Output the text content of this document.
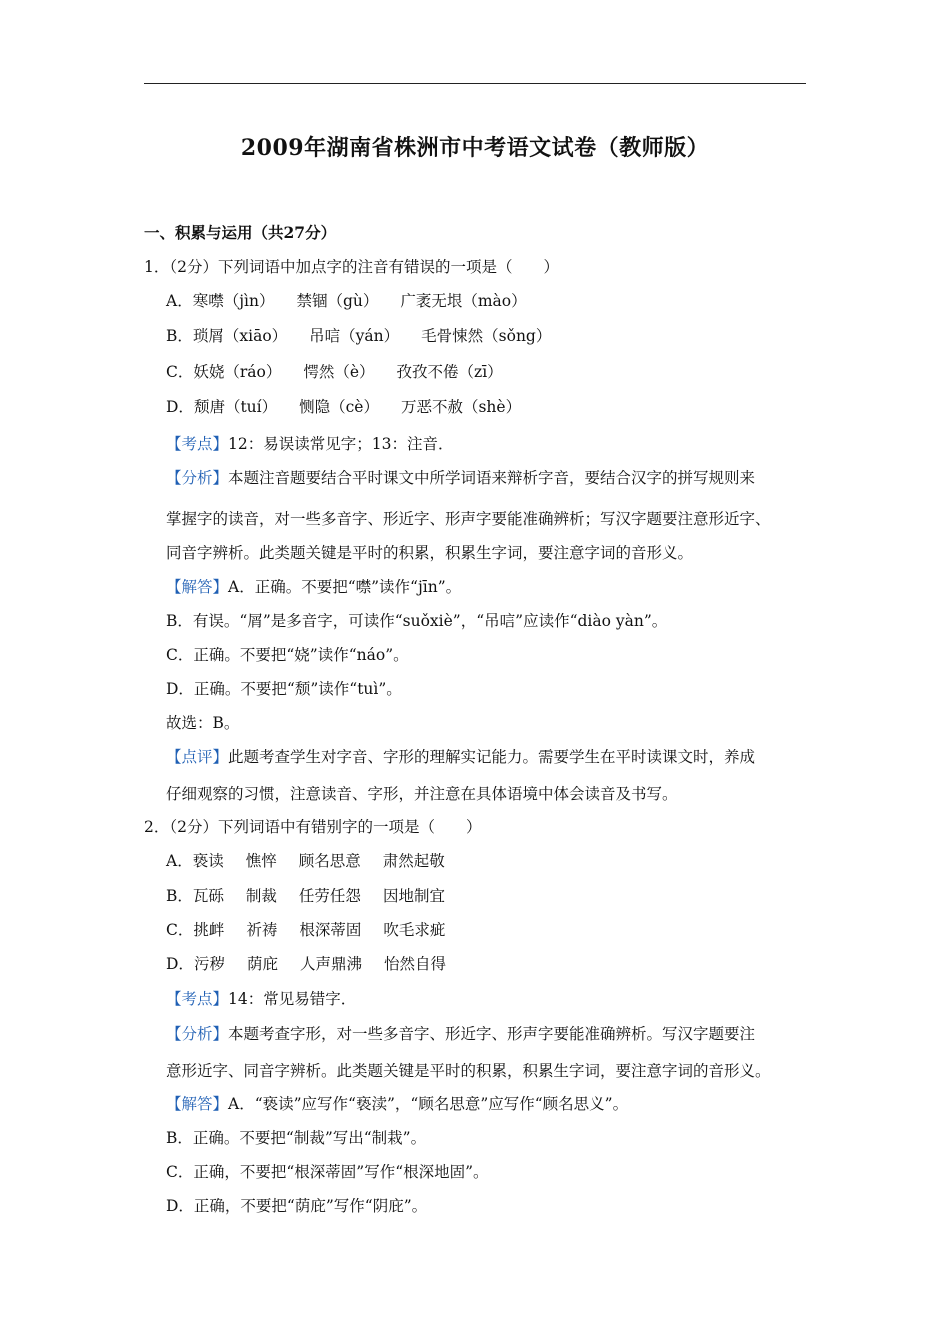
2009年湖南省株洲市中考语文试卷（教师版）
一、积累与运用（共27分）
1．（2分）下列词语中加点字的注音有错误的一项是（　　）
A．寒噤（jìn） 禁锢（gù） 广袤无垠（mào）
B．琐屑（xiāo） 吊唁（yán） 毛骨悚然（sǒng）
C．妖娆（ráo） 愕然（è） 孜孜不倦（zī）
D．颓唐（tuí） 恻隐（cè） 万恶不赦（shè）
【考点】12：易误读常见字；13：注音．
【分析】本题注音题要结合平时课文中所学词语来辩析字音，要结合汉字的拼写规则来
掌握字的读音，对一些多音字、形近字、形声字要能准确辨析；写汉字题要注意形近字、
同音字辨析。此类题关键是平时的积累，积累生字词，要注意字词的音形义。
【解答】A．正确。不要把“噤”读作“jīn”。
B．有误。“屑”是多音字，可读作“suǒxiè”，“吊唁”应读作“diào yàn”。
C．正确。不要把“娆”读作“náo”。
D．正确。不要把“颓”读作“tuì”。
故选：B。
【点评】此题考查学生对字音、字形的理解实记能力。需要学生在平时读课文时，养成
仔细观察的习惯，注意读音、字形，并注意在具体语境中体会读音及书写。
2．（2分）下列词语中有错别字的一项是（　　）
A．亵读 憔悴 顾名思意 肃然起敬
B．瓦砾 制裁 任劳任怨 因地制宜
C．挑衅 祈祷 根深蒂固 吹毛求疵
D．污秽 荫庇 人声鼎沸 怡然自得
【考点】14：常见易错字．
【分析】本题考查字形，对一些多音字、形近字、形声字要能准确辨析。写汉字题要注
意形近字、同音字辨析。此类题关键是平时的积累，积累生字词，要注意字词的音形义。
【解答】A．“亵读”应写作“亵渎”，“顾名思意”应写作“顾名思义”。
B．正确。不要把“制裁”写出“制栽”。
C．正确，不要把“根深蒂固”写作“根深地固”。
D．正确，不要把“荫庇”写作“阴庇”。
